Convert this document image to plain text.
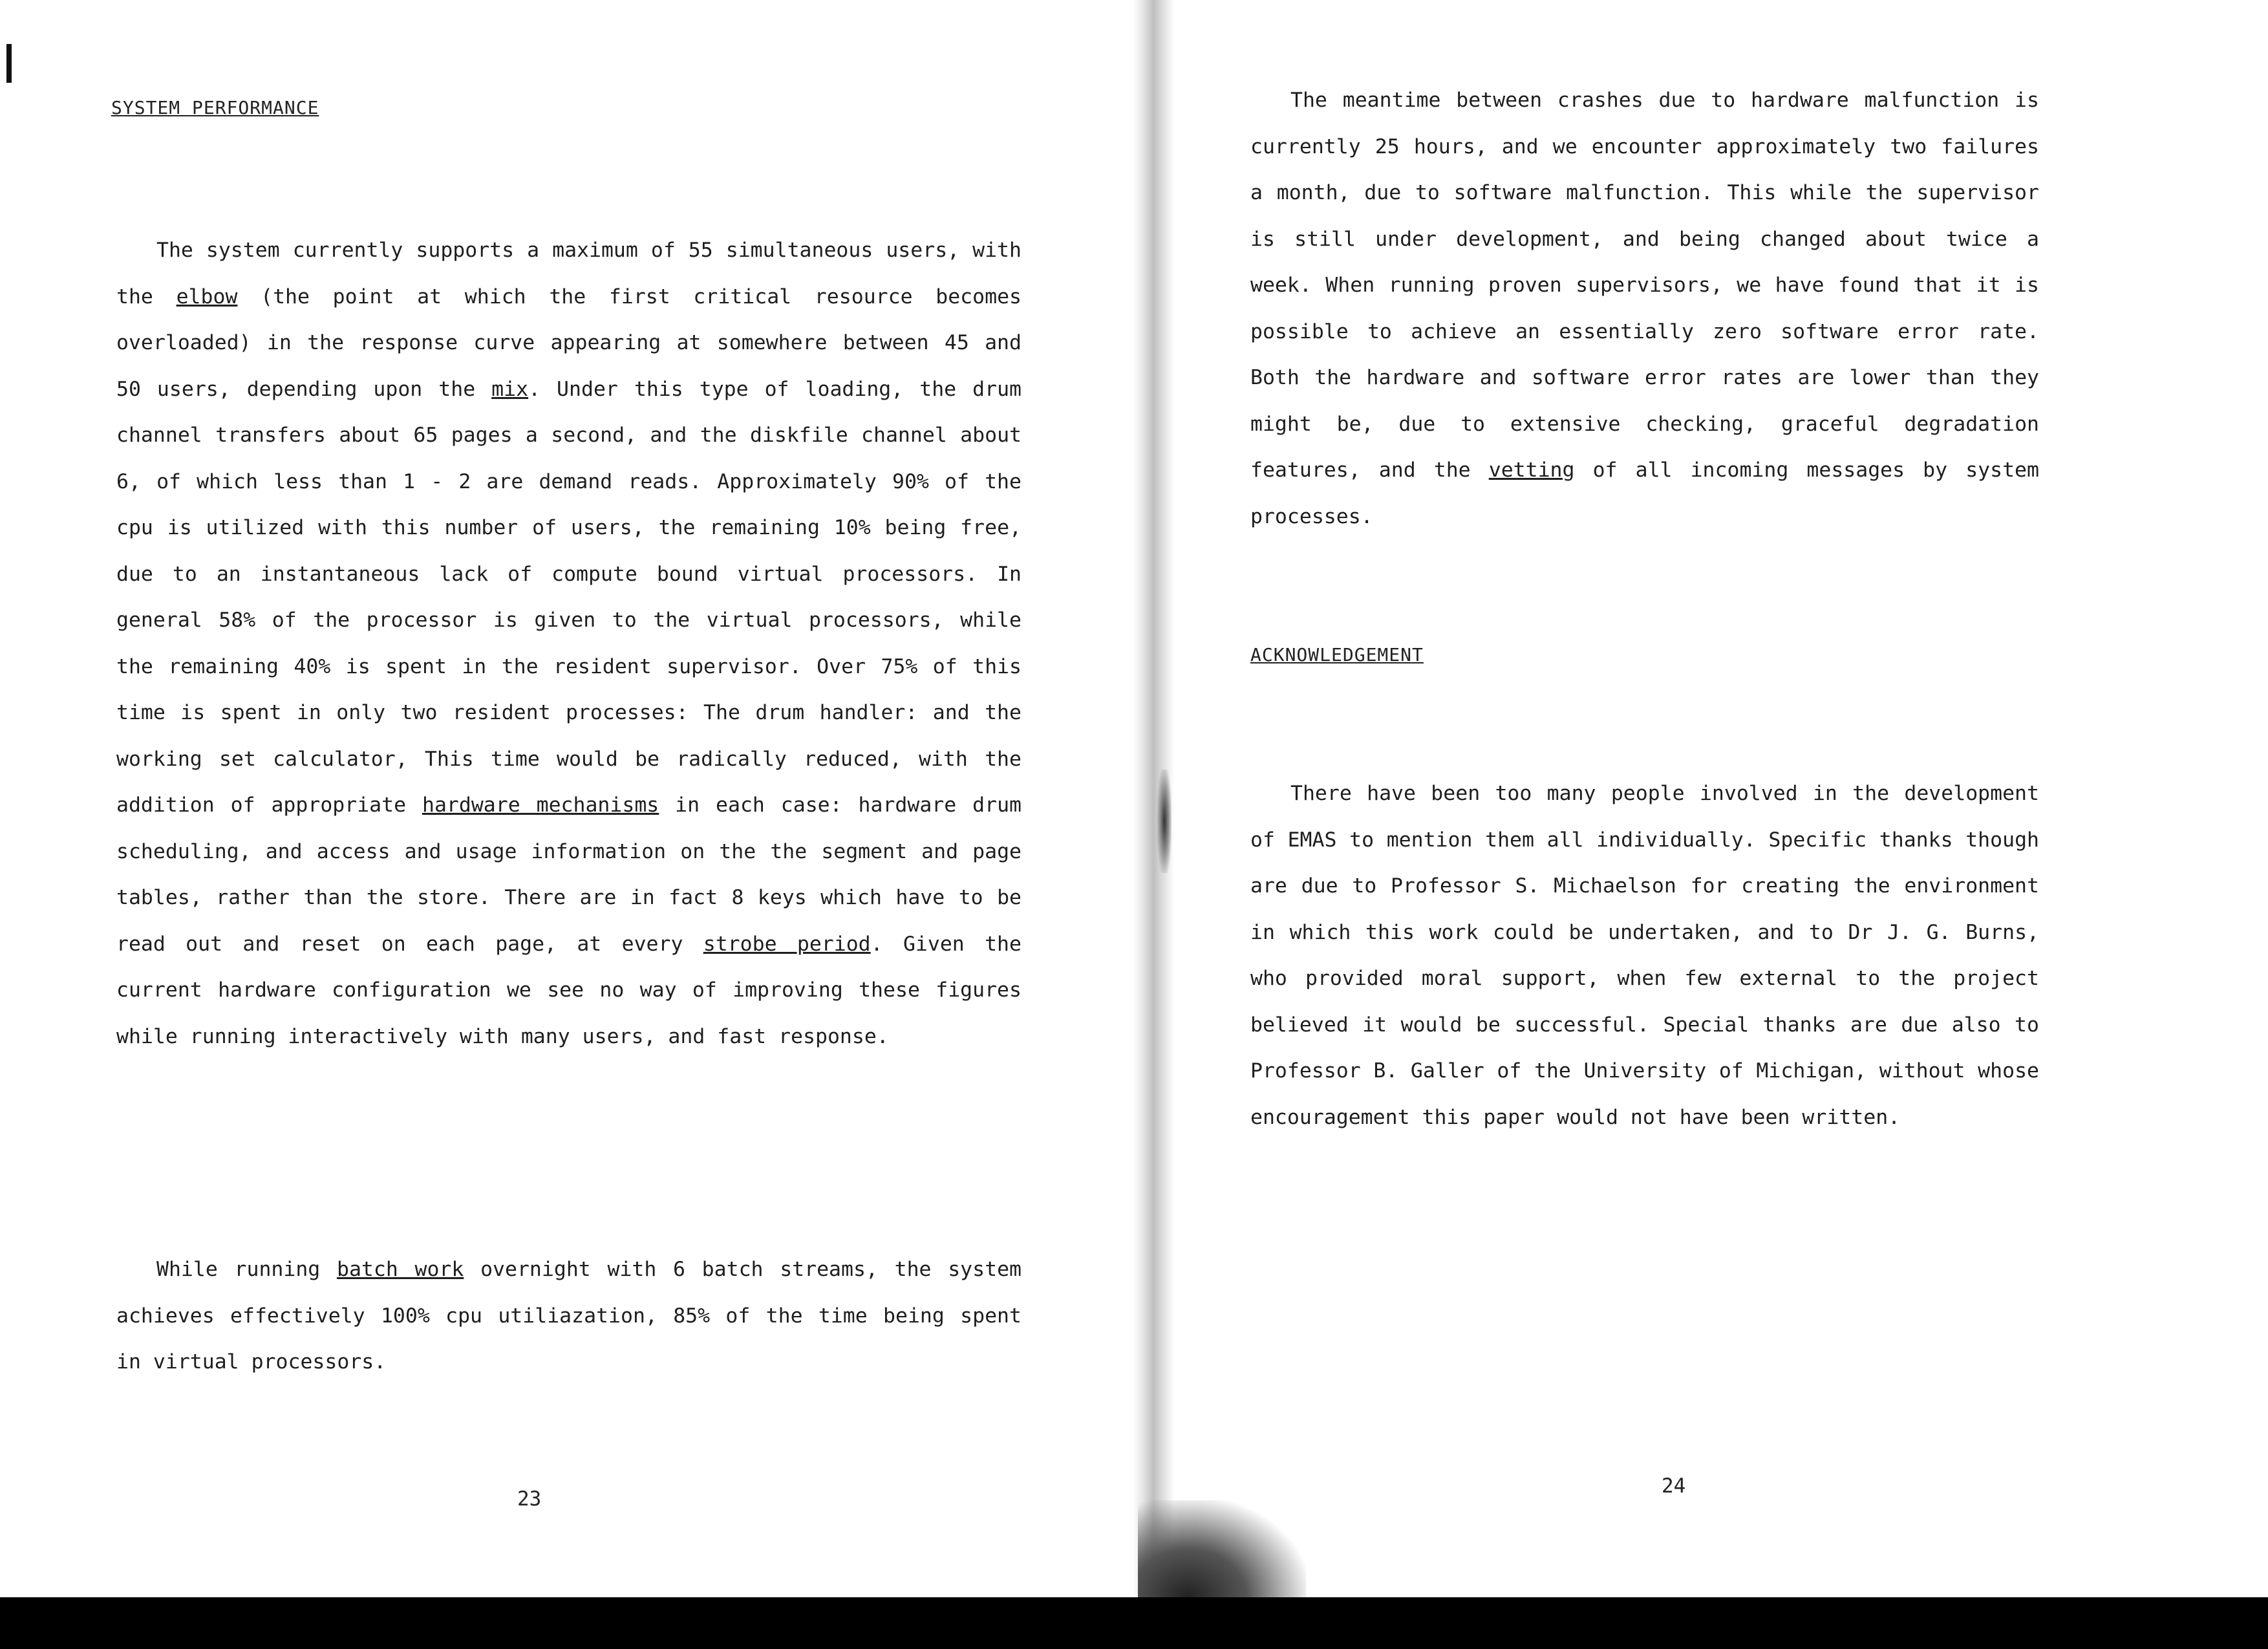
SYSTEM PERFORMANCE

The system currently supports a maximum of 55 simultaneous users, with the elbow (the point at which the first critical resource becomes overloaded) in the response curve appearing at somewhere between 45 and 50 users, depending upon the mix. Under this type of loading, the drum channel transfers about 65 pages a second, and the diskfile channel about 6, of which less than 1 - 2 are demand reads. Approximately 90% of the cpu is utilized with this number of users, the remaining 10% being free, due to an instantaneous lack of compute bound virtual processors. In general 58% of the processor is given to the virtual processors, while the remaining 40% is spent in the resident supervisor. Over 75% of this time is spent in only two resident processes: The drum handler: and the working set calculator, This time would be radically reduced, with the addition of appropriate hardware mechanisms in each case: hardware drum scheduling, and access and usage information on the the segment and page tables, rather than the store. There are in fact 8 keys which have to be read out and reset on each page, at every strobe period. Given the current hardware configuration we see no way of improving these figures while running interactively with many users, and fast response.

While running batch work overnight with 6 batch streams, the system achieves effectively 100% cpu utiliazation, 85% of the time being spent in virtual processors.

23

The meantime between crashes due to hardware malfunction is currently 25 hours, and we encounter approximately two failures a month, due to software malfunction. This while the supervisor is still under development, and being changed about twice a week. When running proven supervisors, we have found that it is possible to achieve an essentially zero software error rate. Both the hardware and software error rates are lower than they might be, due to extensive checking, graceful degradation features, and the vetting of all incoming messages by system processes.

ACKNOWLEDGEMENT

There have been too many people involved in the development of EMAS to mention them all individually. Specific thanks though are due to Professor S. Michaelson for creating the environment in which this work could be undertaken, and to Dr J. G. Burns, who provided moral support, when few external to the project believed it would be successful. Special thanks are due also to Professor B. Galler of the University of Michigan, without whose encouragement this paper would not have been written.

24
